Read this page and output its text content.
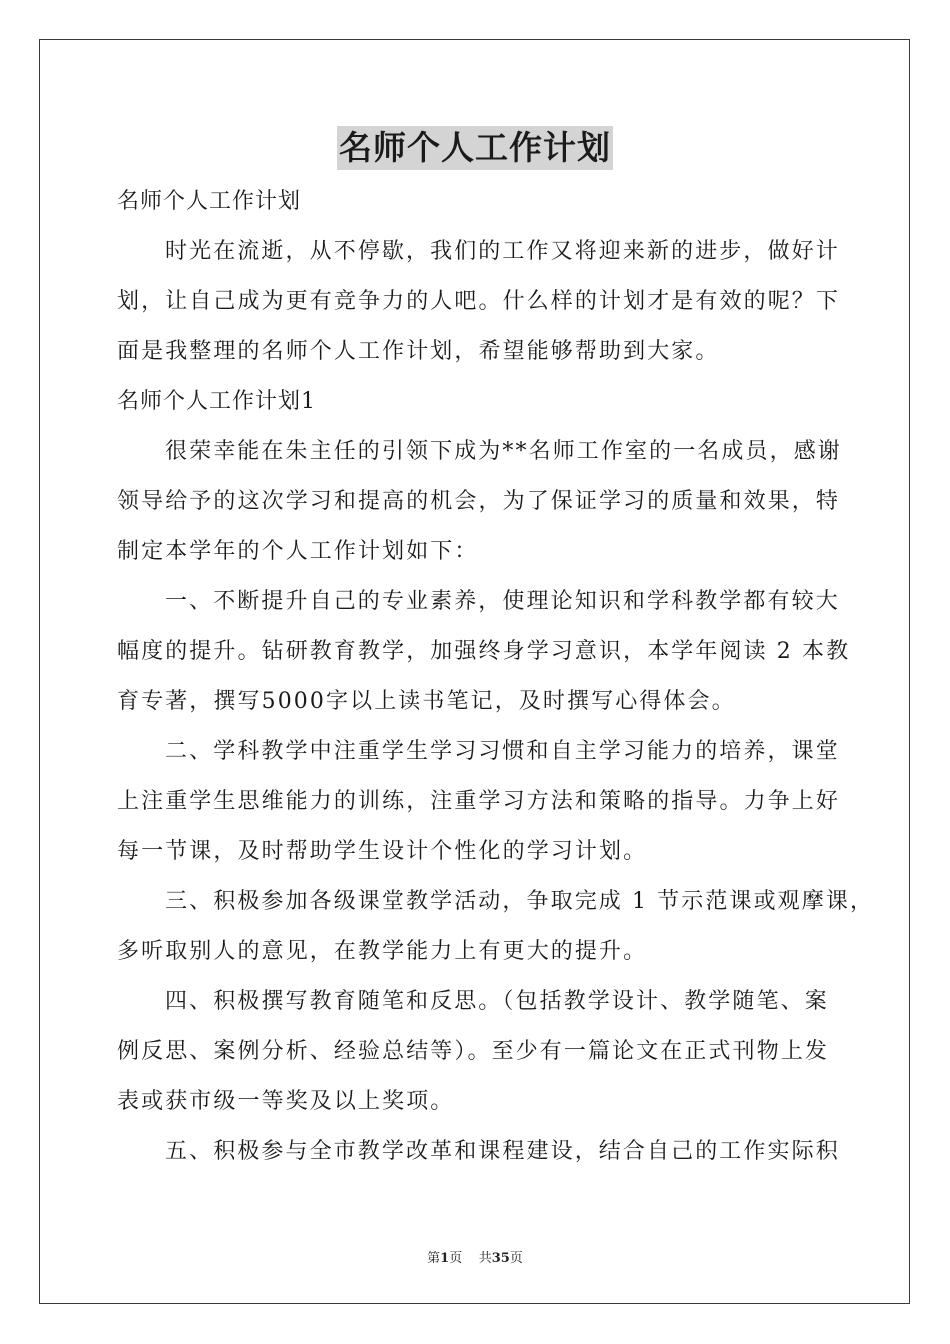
名师个人工作计划
名师个人工作计划
时光在流逝，从不停歇，我们的工作又将迎来新的进步，做好计
划，让自己成为更有竞争力的人吧。什么样的计划才是有效的呢？下
面是我整理的名师个人工作计划，希望能够帮助到大家。
名师个人工作计划1
很荣幸能在朱主任的引领下成为**名师工作室的一名成员，感谢
领导给予的这次学习和提高的机会，为了保证学习的质量和效果，特
制定本学年的个人工作计划如下：
一、不断提升自己的专业素养，使理论知识和学科教学都有较大
幅度的提升。钻研教育教学，加强终身学习意识，本学年阅读 2 本教
育专著，撰写5000字以上读书笔记，及时撰写心得体会。
二、学科教学中注重学生学习习惯和自主学习能力的培养，课堂
上注重学生思维能力的训练，注重学习方法和策略的指导。力争上好
每一节课，及时帮助学生设计个性化的学习计划。
三、积极参加各级课堂教学活动，争取完成 1 节示范课或观摩课，
多听取别人的意见，在教学能力上有更大的提升。
四、积极撰写教育随笔和反思。（包括教学设计、教学随笔、案
例反思、案例分析、经验总结等）。至少有一篇论文在正式刊物上发
表或获市级一等奖及以上奖项。
五、积极参与全市教学改革和课程建设，结合自己的工作实际积
第1页 共35页
